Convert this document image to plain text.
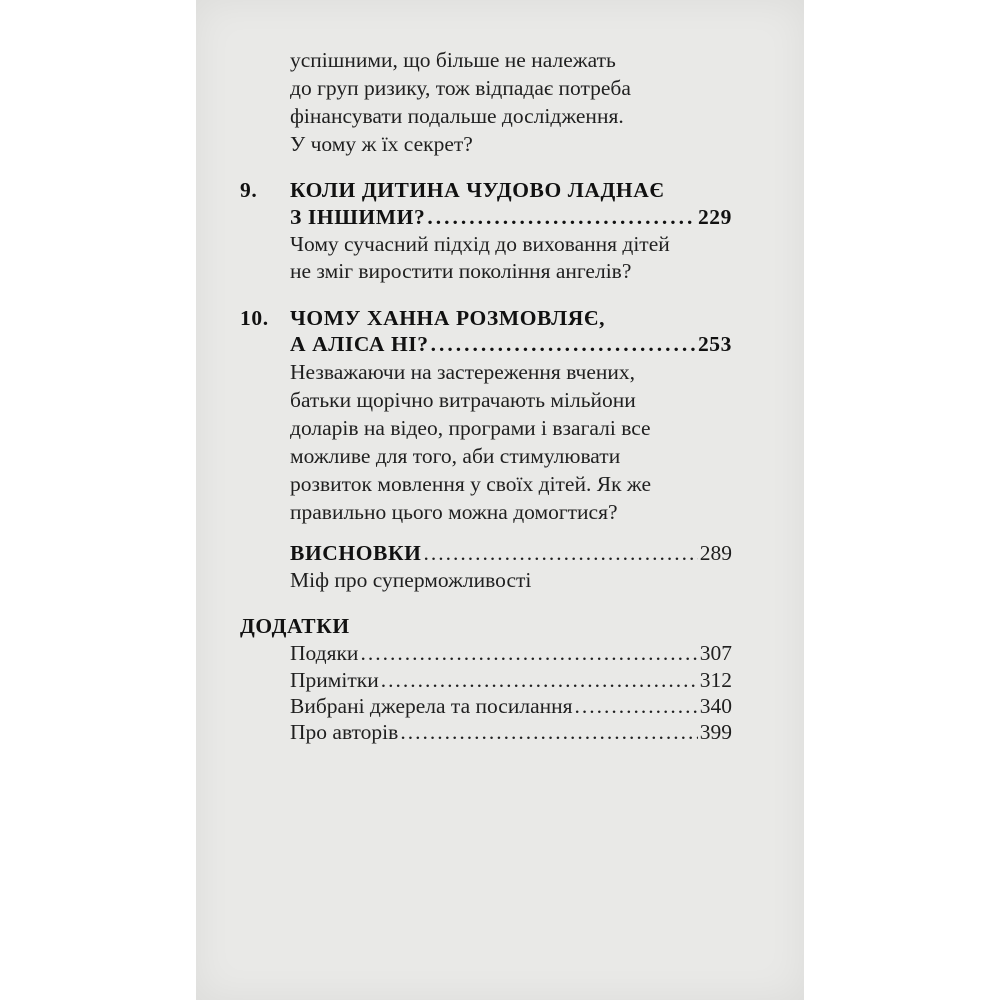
успішними, що більше не належать
до груп ризику, тож відпадає потреба
фінансувати подальше дослідження.
У чому ж їх секрет?
9. КОЛИ ДИТИНА ЧУДОВО ЛАДНАЄ
З ІНШИМИ? .....	229
Чому сучасний підхід до виховання дітей
не зміг виростити покоління ангелів?
10. ЧОМУ ХАННА РОЗМОВЛЯЄ,
А АЛІСА НІ? .....	253
Незважаючи на застереження вчених,
батьки щорічно витрачають мільйони
доларів на відео, програми і взагалі все
можливе для того, аби стимулювати
розвиток мовлення у своїх дітей. Як же
правильно цього можна домогтися?
ВИСНОВКИ .....	289
Міф про суперможливості
ДОДАТКИ
Подяки .....	307
Примітки .....	312
Вибрані джерела та посилання .....	340
Про авторів .....	399
